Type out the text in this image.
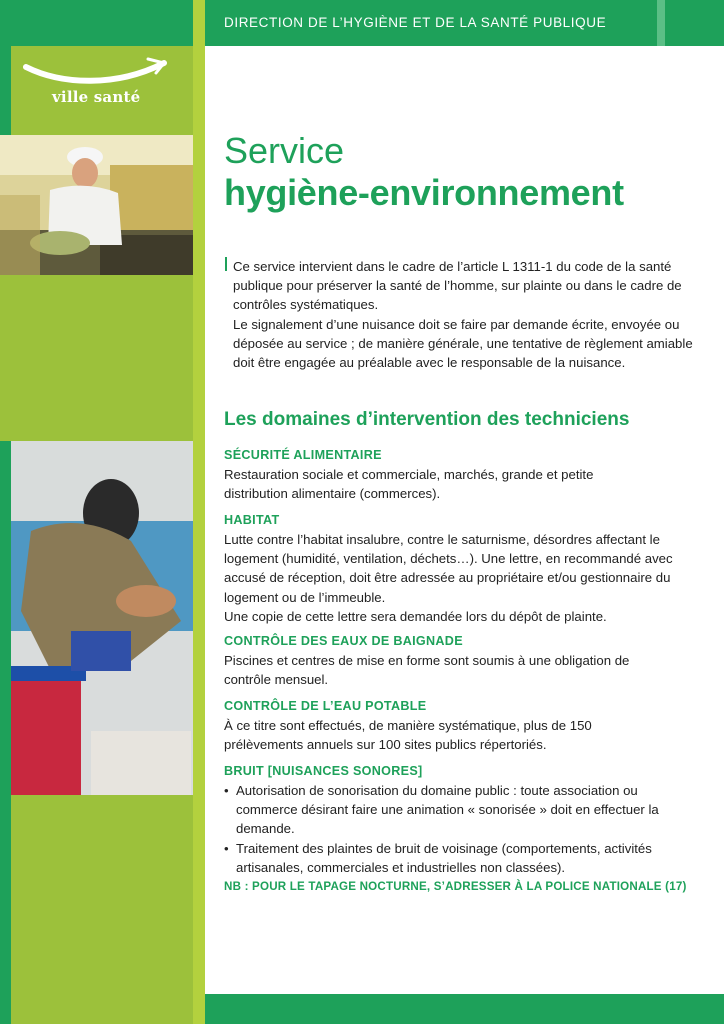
ville santé
DIRECTION DE L’HYGIÈNE ET DE LA SANTÉ PUBLIQUE
Service
hygiène-environnement

Ce service intervient dans le cadre de l’article L 1311-1 du code de la santé publique pour préserver la santé de l’homme, sur plainte ou dans le cadre de contrôles systématiques.

Le signalement d’une nuisance doit se faire par demande écrite, envoyée ou déposée au service ; de manière générale, une tentative de règlement amiable doit être engagée au préalable avec le responsable de la nuisance.

Les domaines d’intervention des techniciens
SÉCURITÉ ALIMENTAIRE

Restauration sociale et commerciale, marchés, grande et petite distribution alimentaire (commerces).

HABITAT

Lutte contre l’habitat insalubre, contre le saturnisme, désordres affectant le logement (humidité, ventilation, déchets…). Une lettre, en recommandé avec accusé de réception, doit être adressée au propriétaire et/ou gestionnaire du logement ou de l’immeuble.

Une copie de cette lettre sera demandée lors du dépôt de plainte.

CONTRÔLE DES EAUX DE BAIGNADE

Piscines et centres de mise en forme sont soumis à une obligation de contrôle mensuel.

CONTRÔLE DE L’EAU POTABLE

À ce titre sont effectués, de manière systématique, plus de 150 prélèvements annuels sur 100 sites publics répertoriés.

BRUIT [NUISANCES SONORES]
• Autorisation de sonorisation du domaine public : toute association ou commerce désirant faire une animation « sonorisée » doit en effectuer la demande.
• Traitement des plaintes de bruit de voisinage (comportements, activités artisanales, commerciales et industrielles non classées).
NB : POUR LE TAPAGE NOCTURNE, S’ADRESSER À LA POLICE NATIONALE (17)
